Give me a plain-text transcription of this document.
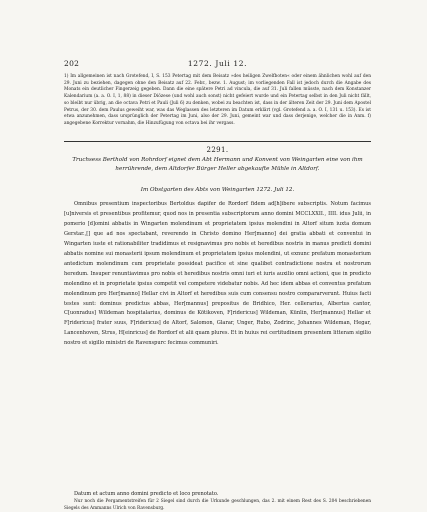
202	1272. Juli 12.
1) Im allgemeinen ist nach Grotefend, I, S. 153 Petertag mit dem Beisatz »des heiligen Zwelfboten« oder einem ähnlichen wohl auf den 29. Juni zu beziehen, dagegen ohne den Beisatz auf 22. Febr., bezw. 1. August; im vorliegenden Fall ist jedoch durch die Angabe des Monats ein deutlicher Fingerzeig gegeben. Dann die eine spätere Petri ad vincula, die auf 31. Juli fallen müsste, nach dem Konstanzer Kalendarium (a. a. O. I, 1, 88) in dieser Diözese (und wohl auch sonst) nicht gefeiert wurde und ein Petertag selbst in den Juli nicht fällt, so bleibt nur übrig, an die octava Petri et Pauli (Juli 6) zu denken, wobei zu beachten ist, dass in der älteren Zeit der 29. Juni dem Apostel Petrus, der 30. dem Paulus geweiht war, was das Weglassen des letzteren im Datum erklärt (vgl. Grotefend a. a. O. I, 131 u. 153). Es ist etwa anzunehmen, dass ursprünglich der Petertag im Juni, also der 29. Juni, gemeint war und dass derjenige, welcher die in Anm. f) angegebene Korrektur vornahm, die Hinzufügung von octava bei ihr vergass.
2291.
Truchsess Berthold von Rohrdorf eignet dem Abt Hermann und Konvent von Weingarten eine von ihm herrührende, dem Altdorfer Bürger Heller abgekaufte Mühle in Altdorf.
Im Obstgarten des Abts von Weingarten 1272. Juli 12.

Omnibus presentium inspectoribus Bertoldus dapifer de Rordorf fidem ad[h]ibere subscriptis. Notum facimus [u]niversis et presentibus profitemur, quod nos in presentia subscriptorum anno domini MCCLXXII., IIII. idus Julii, in pomerio [d]omini abbatis in Wingarten molendinum et proprietatem ipsius molendini in Altorf situm iuxta domum Gerstar.,[] que ad nos spectabant, reverendo in Christo domino Her[manno] dei gratia abbati et conventui in Wingarten iuste et rationabiliter tradidimus et resignavimus pro nobis et heredibus nostris in manus predicti domini abbatis nomine sui monasterii ipsum molendinum et proprietatem ipsius molendini, ut exnunc prefatum monasterium antedictum molendinum cum proprietate possideat pacifice et sine qualibet contradictione nostra et nostrorum heredum. Insuper renuntiavimus pro nobis et heredibus nostris omni iuri et iuris auxilio omni actioni, que in predicto molendino et in proprietate ipsius competit vel competere videbatur nobis. Ad hec idem abbas et conventus prefatum molendinum pro Her[manno] Hellar civi in Altorf et heredibus suis cum consensu nostro compararverunt. Huius facti testes sunt: dominus predictus abbas, Her[mannus] prepositus de Bridhico, Her. cellerarius, Albertus cantor, C[uonradus] Wildeman hospitalarius, dominus de Kötikoven, F[ridericus] Wildeman, Künlin, Her[mannus] Hellar et F[ridericus] frater suus, F[ridericus] de Altorf, Salomon, Glarar, Unger, Rubo, Zodrinc, Johannes Wildeman, Hegar, Lancenhoven, Strus, H[einricus] de Rordorf et alii quam plures. Et in huius rei certitudinem presentem litteram sigilio nostro et sigillo ministri de Ravenspurc fecimus communiri.

Datum et actum anno domini predicto et loco prenotato.
Nur noch die Pergamentstreifen für 2 Siegel sind durch die Urkunde geschlungen, das 2. mit einem Rest des S. 204 beschriebenen Siegels des Ammanns Ulrich von Ravensburg.
